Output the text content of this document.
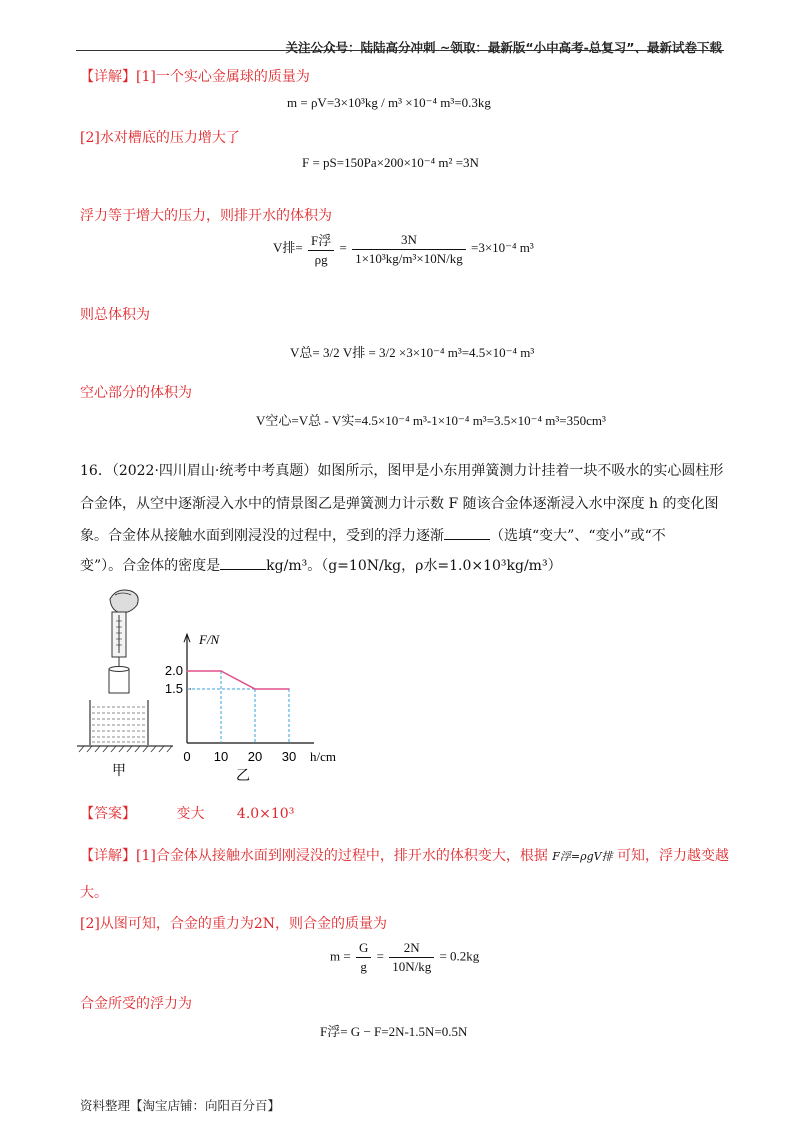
关注公众号：陆陆高分冲刺 ~领取：最新版“小中高考-总复习”、最新试卷下载
【详解】[1]一个实心金属球的质量为
m = ρV=3×10³kg / m³ ×10⁻⁴ m³=0.3kg
[2]水对槽底的压力增大了
F = pS=150Pa×200×10⁻⁴ m² =3N
浮力等于增大的压力，则排开水的体积为
V排= $\frac{\text{F浮}}{\rho g} = \frac{3N}{\text{1×10³kg/m³×10N/kg}} =3\times 10^{-4}$ m³
则总体积为
V总= 3/2 V排 = 3/2 ×3×10⁻⁴ m³=4.5×10⁻⁴ m³
空心部分的体积为
V空心=V总 - V实=4.5×10⁻⁴ m³-1×10⁻⁴ m³=3.5×10⁻⁴ m³=350cm³
16．（2022·四川眉山·统考中考真题）如图所示，图甲是小东用弹簧测力计挂着一块不吸水的实心圆柱形
合金体，从空中逐渐浸入水中的情景图乙是弹簧测力计示数 F 随该合金体逐渐浸入水中深度 h 的变化图
象。合金体从接触水面到刚浸没的过程中，受到的浮力逐渐	（选填“变大”、“变小”或“不
变”）。合金体的密度是	kg/m³。（g=10N/kg，ρ水=1.0×10³kg/m³）
甲
F/N
h/cm
0 10 20 30
2.0
1.5
乙
【答案】	变大 4.0×10³
【详解】[1]合金体从接触水面到刚浸没的过程中，排开水的体积变大，根据 F浮=ρgV排 可知，浮力越变越
大。
[2]从图可知，合金的重力为2N，则合金的质量为
$m = \frac{G}{g} = \frac{2N}{10N/kg} = 0.2kg$
合金所受的浮力为
F浮= G − F=2N-1.5N=0.5N
资料整理【淘宝店铺：向阳百分百】
